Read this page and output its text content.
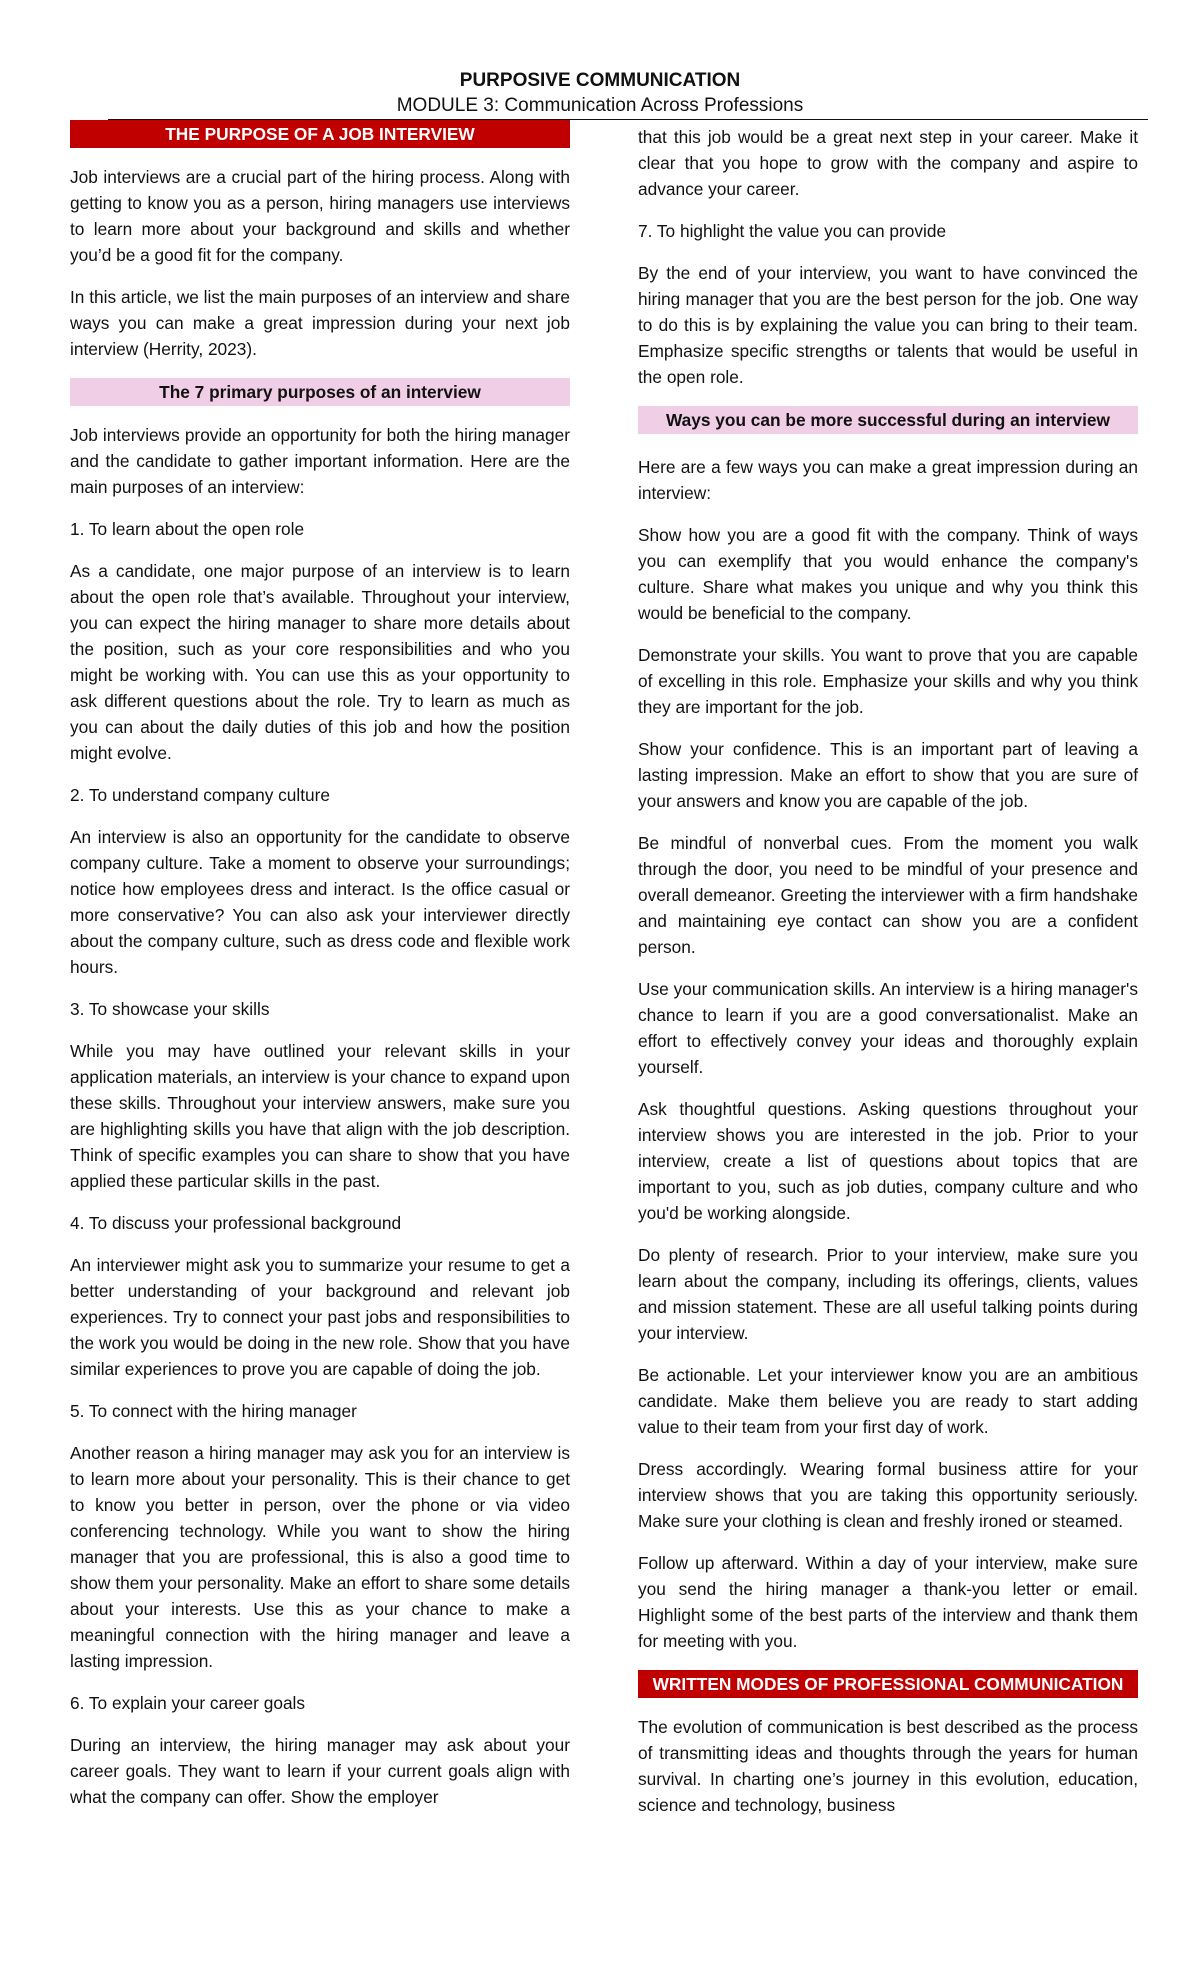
PURPOSIVE COMMUNICATION
MODULE 3: Communication Across Professions
THE PURPOSE OF A JOB INTERVIEW

Job interviews are a crucial part of the hiring process. Along with getting to know you as a person, hiring managers use interviews to learn more about your background and skills and whether you’d be a good fit for the company.

In this article, we list the main purposes of an interview and share ways you can make a great impression during your next job interview (Herrity, 2023).

The 7 primary purposes of an interview

Job interviews provide an opportunity for both the hiring manager and the candidate to gather important information. Here are the main purposes of an interview:

1. To learn about the open role

As a candidate, one major purpose of an interview is to learn about the open role that’s available. Throughout your interview, you can expect the hiring manager to share more details about the position, such as your core responsibilities and who you might be working with. You can use this as your opportunity to ask different questions about the role. Try to learn as much as you can about the daily duties of this job and how the position might evolve.

2. To understand company culture

An interview is also an opportunity for the candidate to observe company culture. Take a moment to observe your surroundings; notice how employees dress and interact. Is the office casual or more conservative? You can also ask your interviewer directly about the company culture, such as dress code and flexible work hours.

3. To showcase your skills

While you may have outlined your relevant skills in your application materials, an interview is your chance to expand upon these skills. Throughout your interview answers, make sure you are highlighting skills you have that align with the job description. Think of specific examples you can share to show that you have applied these particular skills in the past.

4. To discuss your professional background

An interviewer might ask you to summarize your resume to get a better understanding of your background and relevant job experiences. Try to connect your past jobs and responsibilities to the work you would be doing in the new role. Show that you have similar experiences to prove you are capable of doing the job.

5. To connect with the hiring manager

Another reason a hiring manager may ask you for an interview is to learn more about your personality. This is their chance to get to know you better in person, over the phone or via video conferencing technology. While you want to show the hiring manager that you are professional, this is also a good time to show them your personality. Make an effort to share some details about your interests. Use this as your chance to make a meaningful connection with the hiring manager and leave a lasting impression.

6. To explain your career goals

During an interview, the hiring manager may ask about your career goals. They want to learn if your current goals align with what the company can offer. Show the employer

that this job would be a great next step in your career. Make it clear that you hope to grow with the company and aspire to advance your career.

7. To highlight the value you can provide

By the end of your interview, you want to have convinced the hiring manager that you are the best person for the job. One way to do this is by explaining the value you can bring to their team. Emphasize specific strengths or talents that would be useful in the open role.

Ways you can be more successful during an interview

Here are a few ways you can make a great impression during an interview:

Show how you are a good fit with the company. Think of ways you can exemplify that you would enhance the company's culture. Share what makes you unique and why you think this would be beneficial to the company.

Demonstrate your skills. You want to prove that you are capable of excelling in this role. Emphasize your skills and why you think they are important for the job.

Show your confidence. This is an important part of leaving a lasting impression. Make an effort to show that you are sure of your answers and know you are capable of the job.

Be mindful of nonverbal cues. From the moment you walk through the door, you need to be mindful of your presence and overall demeanor. Greeting the interviewer with a firm handshake and maintaining eye contact can show you are a confident person.

Use your communication skills. An interview is a hiring manager's chance to learn if you are a good conversationalist. Make an effort to effectively convey your ideas and thoroughly explain yourself.

Ask thoughtful questions. Asking questions throughout your interview shows you are interested in the job. Prior to your interview, create a list of questions about topics that are important to you, such as job duties, company culture and who you'd be working alongside.

Do plenty of research. Prior to your interview, make sure you learn about the company, including its offerings, clients, values and mission statement. These are all useful talking points during your interview.

Be actionable. Let your interviewer know you are an ambitious candidate. Make them believe you are ready to start adding value to their team from your first day of work.

Dress accordingly. Wearing formal business attire for your interview shows that you are taking this opportunity seriously. Make sure your clothing is clean and freshly ironed or steamed.

Follow up afterward. Within a day of your interview, make sure you send the hiring manager a thank-you letter or email. Highlight some of the best parts of the interview and thank them for meeting with you.

WRITTEN MODES OF PROFESSIONAL COMMUNICATION

The evolution of communication is best described as the process of transmitting ideas and thoughts through the years for human survival. In charting one’s journey in this evolution, education, science and technology, business
